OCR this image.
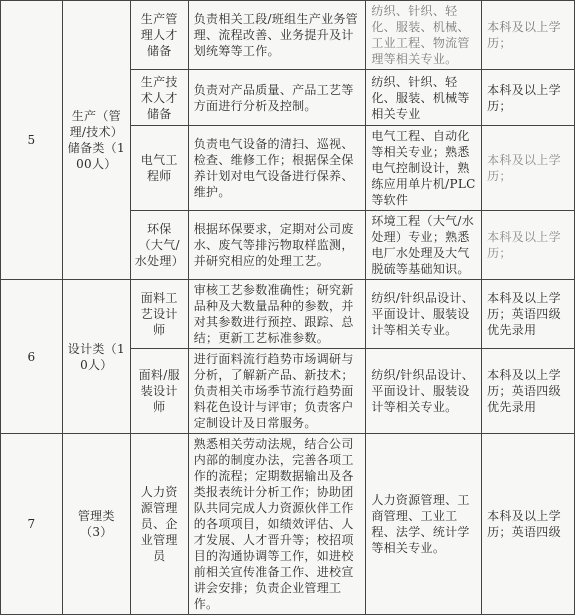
5	生产（管理/技术）储备类（100人）	生产管理人才储备	负责相关工段/班组生产业务管理、流程改善、业务提升及计划统筹等工作。	纺织、针织、轻化、服装、机械、工业工程、物流管理等相关专业。	本科及以上学历；
		生产技术人才储备	负责对产品质量、产品工艺等方面进行分析及控制。	纺织、针织、轻化、服装、机械等相关专业	本科及以上学历；
		电气工程师	负责电气设备的清扫、巡视、检查、维修工作；根据保全保养计划对电气设备进行保养、维护。	电气工程、自动化等相关专业；熟悉电气控制设计，熟练应用单片机/PLC等软件	本科及以上学历；
		环保（大气/水处理）	根据环保要求，定期对公司废水、废气等排污物取样监测，并研究相应的处理工艺。	环境工程（大气/水处理）专业；熟悉电厂水处理及大气脱硫等基础知识。	本科及以上学历；
6	设计类（10人）	面料工艺设计师	审核工艺参数准确性；研究新品种及大数量品种的参数，并对其参数进行预控、跟踪、总结；更新工艺标准参数。	纺织/针织品设计、平面设计、服装设计等相关专业。	本科及以上学历；英语四级优先录用
		面料/服装设计师	进行面料流行趋势市场调研与分析，了解新产品、新技术；负责相关市场季节流行趋势面料花色设计与评审；负责客户定制设计及日常服务。	纺织/针织品设计、平面设计、服装设计等相关专业。	本科及以上学历；英语四级优先录用
7	管理类（3）	人力资源管理员、企业管理员	熟悉相关劳动法规，结合公司内部的制度办法，完善各项工作的流程；定期数据输出及各类报表统计分析工作；协助团队共同完成人力资源伙伴工作的各项项目，如绩效评估、人才发展、人才晋升等；校招项目的沟通协调等工作，如进校前相关宣传准备工作、进校宣讲会安排；负责企业管理工作。	人力资源管理、工商管理、工业工程、法学、统计学等相关专业。	本科及以上学历；英语四级
